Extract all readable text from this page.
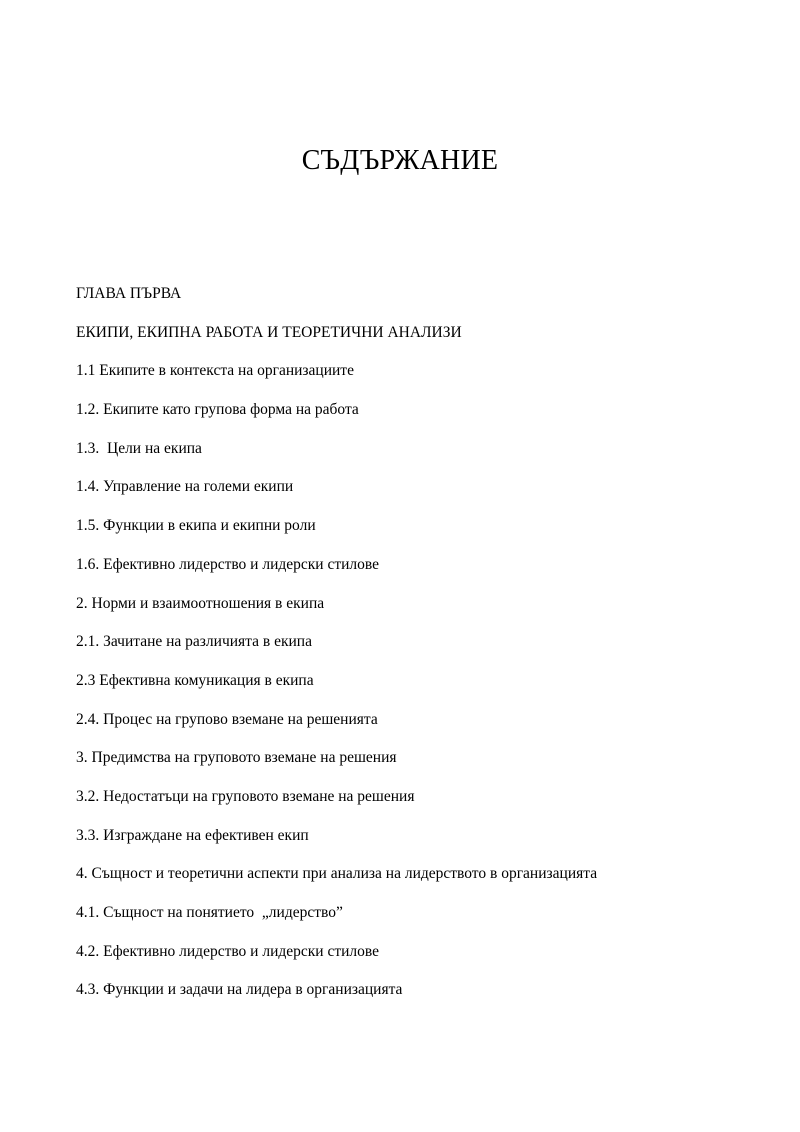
СЪДЪРЖАНИЕ
ГЛАВА ПЪРВА
ЕКИПИ, ЕКИПНА РАБОТА И ТЕОРЕТИЧНИ АНАЛИЗИ
1.1 Екипите в контекста на организациите
1.2. Екипите като групова форма на работа
1.3.  Цели на екипа
1.4. Управление на големи екипи
1.5. Функции в екипа и екипни роли
1.6. Ефективно лидерство и лидерски стилове
2. Норми и взаимоотношения в екипа
2.1. Зачитане на различията в екипа
2.3 Ефективна комуникация в екипа
2.4. Процес на групово вземане на решенията
3. Предимства на груповото вземане на решения
3.2. Недостатъци на груповото вземане на решения
3.3. Изграждане на ефективен екип
4. Същност и теоретични аспекти при анализа на лидерството в организацията
4.1. Същност на понятието  „лидерство”
4.2. Ефективно лидерство и лидерски стилове
4.3. Функции и задачи на лидера в организацията
